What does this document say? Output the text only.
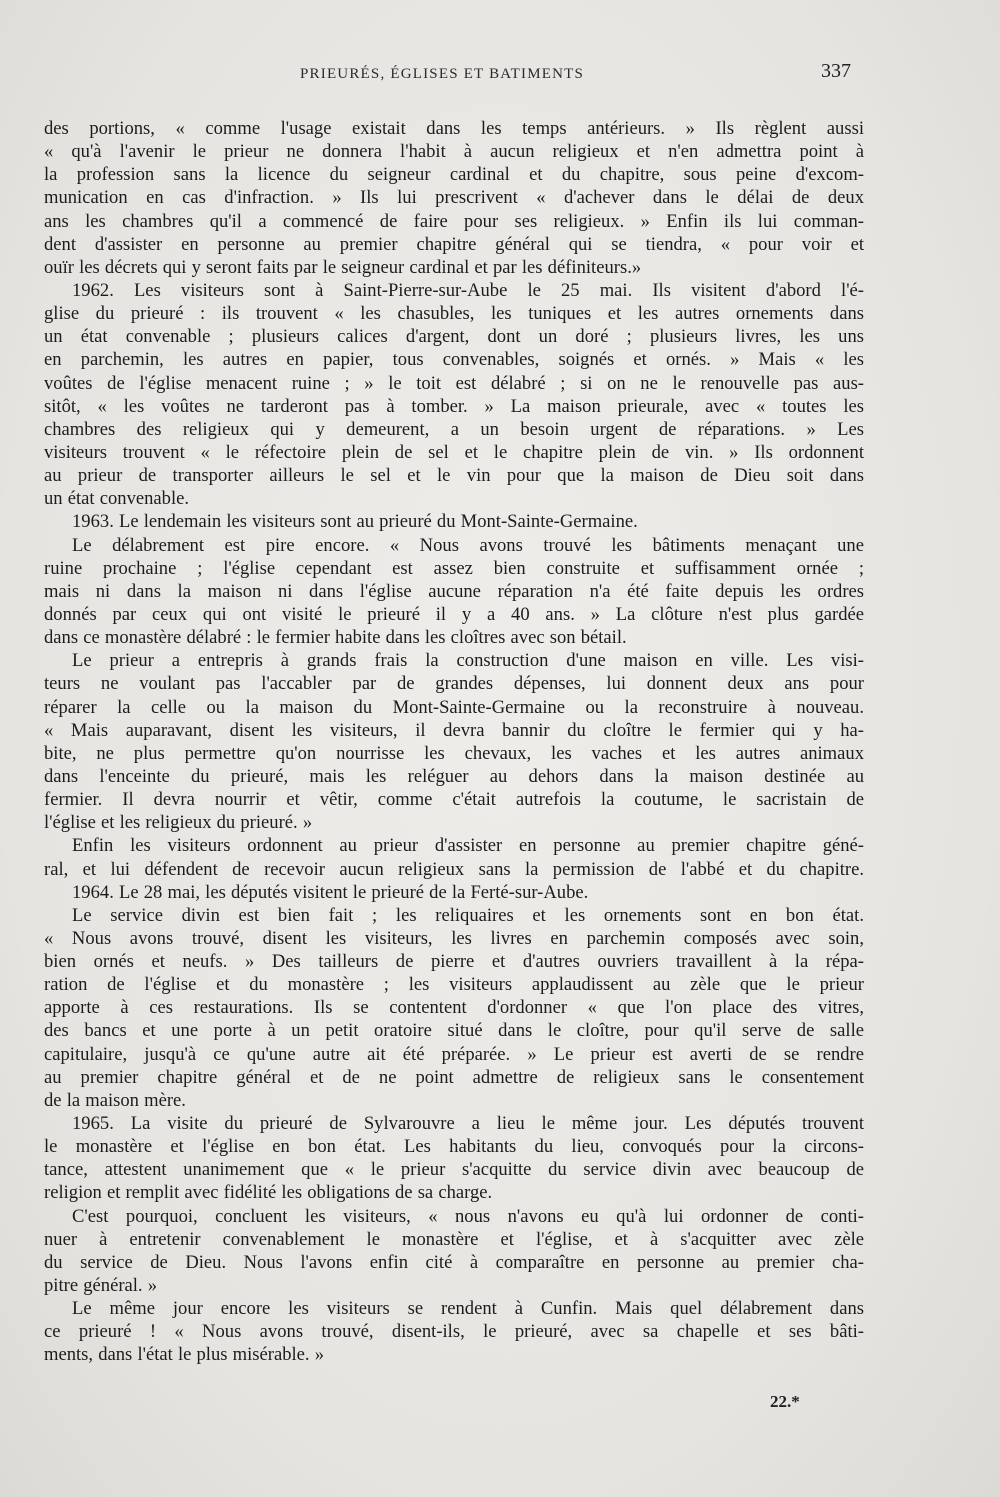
PRIEURÉS, ÉGLISES ET BATIMENTS	337
des portions, « comme l'usage existait dans les temps antérieurs. » Ils règlent aussi
« qu'à l'avenir le prieur ne donnera l'habit à aucun religieux et n'en admettra point à
la profession sans la licence du seigneur cardinal et du chapitre, sous peine d'excom-
munication en cas d'infraction. » Ils lui prescrivent « d'achever dans le délai de deux
ans les chambres qu'il a commencé de faire pour ses religieux. » Enfin ils lui comman-
dent d'assister en personne au premier chapitre général qui se tiendra, « pour voir et
ouïr les décrets qui y seront faits par le seigneur cardinal et par les définiteurs.»
1962. Les visiteurs sont à Saint-Pierre-sur-Aube le 25 mai. Ils visitent d'abord l'é-
glise du prieuré : ils trouvent « les chasubles, les tuniques et les autres ornements dans
un état convenable ; plusieurs calices d'argent, dont un doré ; plusieurs livres, les uns
en parchemin, les autres en papier, tous convenables, soignés et ornés. » Mais « les
voûtes de l'église menacent ruine ; » le toit est délabré ; si on ne le renouvelle pas aus-
sitôt, « les voûtes ne tarderont pas à tomber. » La maison prieurale, avec « toutes les
chambres des religieux qui y demeurent, a un besoin urgent de réparations. » Les
visiteurs trouvent « le réfectoire plein de sel et le chapitre plein de vin. » Ils ordonnent
au prieur de transporter ailleurs le sel et le vin pour que la maison de Dieu soit dans
un état convenable.
1963. Le lendemain les visiteurs sont au prieuré du Mont-Sainte-Germaine.
Le délabrement est pire encore. « Nous avons trouvé les bâtiments menaçant une
ruine prochaine ; l'église cependant est assez bien construite et suffisamment ornée ;
mais ni dans la maison ni dans l'église aucune réparation n'a été faite depuis les ordres
donnés par ceux qui ont visité le prieuré il y a 40 ans. » La clôture n'est plus gardée
dans ce monastère délabré : le fermier habite dans les cloîtres avec son bétail.
Le prieur a entrepris à grands frais la construction d'une maison en ville. Les visi-
teurs ne voulant pas l'accabler par de grandes dépenses, lui donnent deux ans pour
réparer la celle ou la maison du Mont-Sainte-Germaine ou la reconstruire à nouveau.
« Mais auparavant, disent les visiteurs, il devra bannir du cloître le fermier qui y ha-
bite, ne plus permettre qu'on nourrisse les chevaux, les vaches et les autres animaux
dans l'enceinte du prieuré, mais les reléguer au dehors dans la maison destinée au
fermier. Il devra nourrir et vêtir, comme c'était autrefois la coutume, le sacristain de
l'église et les religieux du prieuré. »
Enfin les visiteurs ordonnent au prieur d'assister en personne au premier chapitre géné-
ral, et lui défendent de recevoir aucun religieux sans la permission de l'abbé et du chapitre.
1964. Le 28 mai, les députés visitent le prieuré de la Ferté-sur-Aube.
Le service divin est bien fait ; les reliquaires et les ornements sont en bon état.
« Nous avons trouvé, disent les visiteurs, les livres en parchemin composés avec soin,
bien ornés et neufs. » Des tailleurs de pierre et d'autres ouvriers travaillent à la répa-
ration de l'église et du monastère ; les visiteurs applaudissent au zèle que le prieur
apporte à ces restaurations. Ils se contentent d'ordonner « que l'on place des vitres,
des bancs et une porte à un petit oratoire situé dans le cloître, pour qu'il serve de salle
capitulaire, jusqu'à ce qu'une autre ait été préparée. » Le prieur est averti de se rendre
au premier chapitre général et de ne point admettre de religieux sans le consentement
de la maison mère.
1965. La visite du prieuré de Sylvarouvre a lieu le même jour. Les députés trouvent
le monastère et l'église en bon état. Les habitants du lieu, convoqués pour la circons-
tance, attestent unanimement que « le prieur s'acquitte du service divin avec beaucoup de
religion et remplit avec fidélité les obligations de sa charge.
C'est pourquoi, concluent les visiteurs, « nous n'avons eu qu'à lui ordonner de conti-
nuer à entretenir convenablement le monastère et l'église, et à s'acquitter avec zèle
du service de Dieu. Nous l'avons enfin cité à comparaître en personne au premier cha-
pitre général. »
Le même jour encore les visiteurs se rendent à Cunfin. Mais quel délabrement dans
ce prieuré ! « Nous avons trouvé, disent-ils, le prieuré, avec sa chapelle et ses bâti-
ments, dans l'état le plus misérable. »
22.*
